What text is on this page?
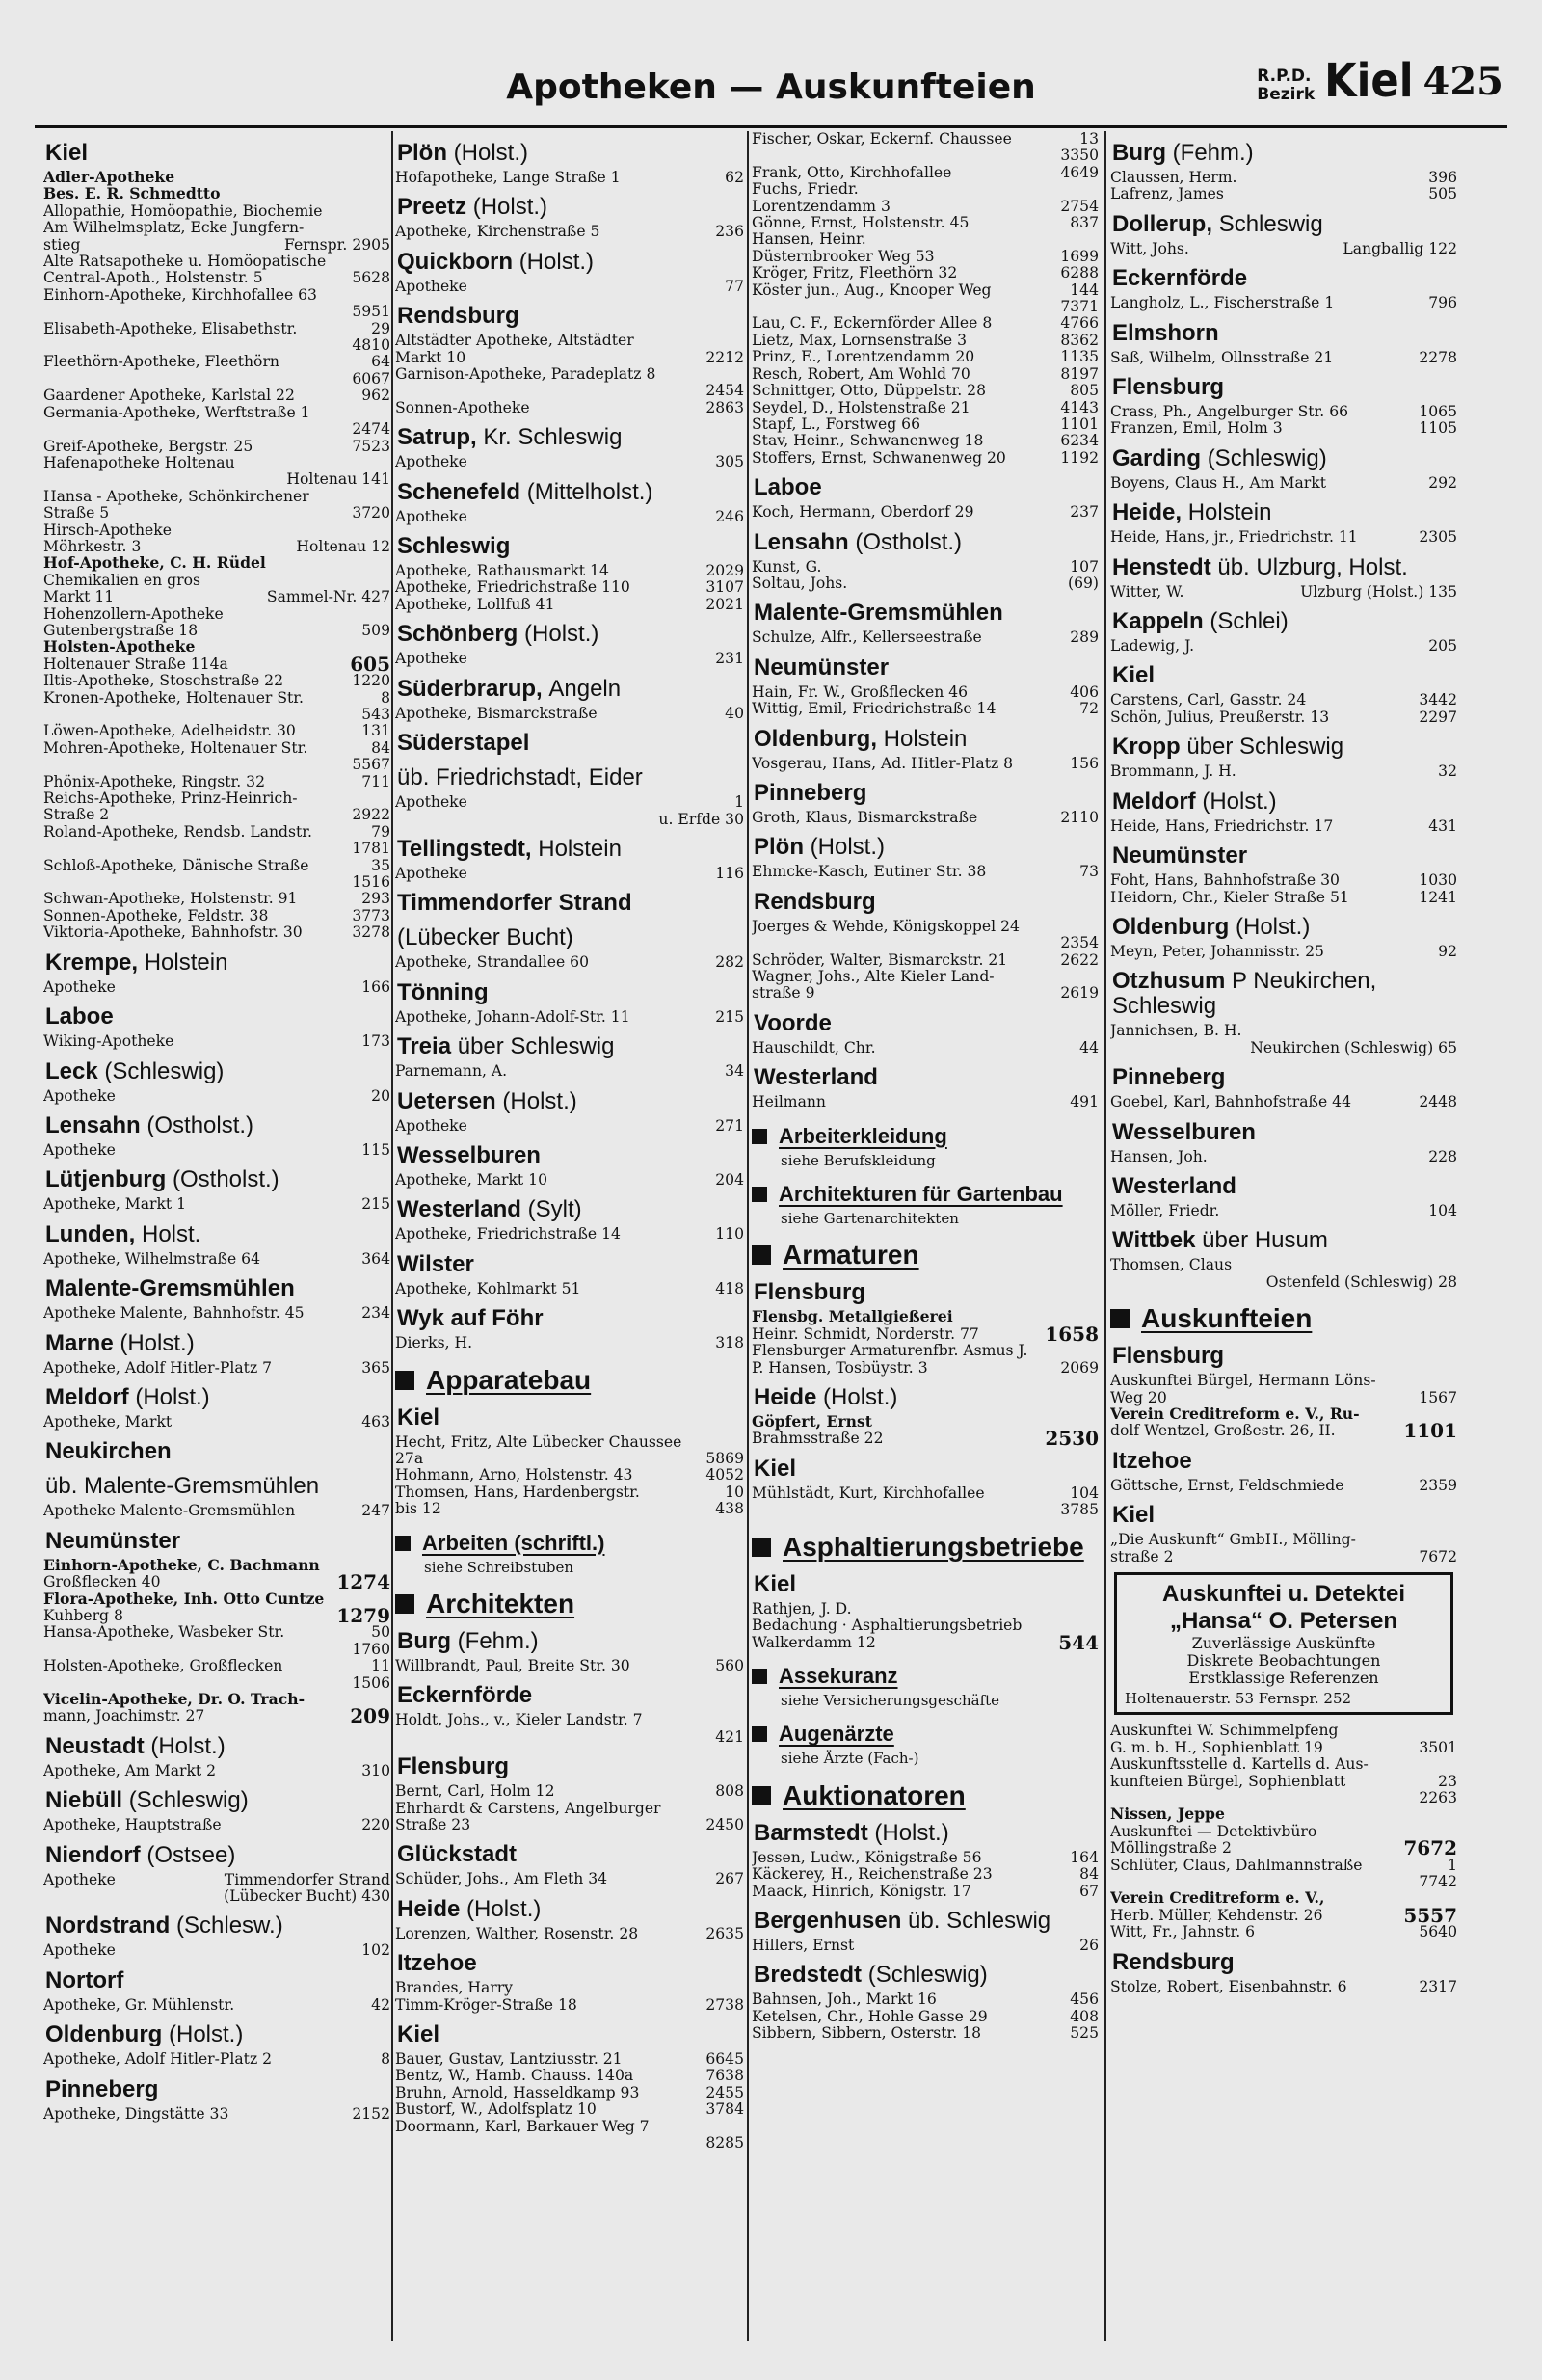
Apotheken — Auskunfteien	R.P.D.
Bezirk Kiel 425
Kiel
Adler-Apotheke
Bes. E. R. Schmedtto
Allopathie, Homöopathie, Biochemie
Am Wilhelmsplatz, Ecke Jungfern-
Fernspr. 2905
stieg
Alte Ratsapotheke u. Homöopatische
5628
Central-Apoth., Holstenstr. 5
Einhorn-Apotheke, Kirchhofallee 63
5951
29
Elisabeth-Apotheke, Elisabethstr.
4810
64
Fleethörn-Apotheke, Fleethörn
6067
962
Gaardener Apotheke, Karlstal 22
Germania-Apotheke, Werftstraße 1
2474
7523
Greif-Apotheke, Bergstr. 25
Hafenapotheke Holtenau
Holtenau 141
Hansa - Apotheke, Schönkirchener
3720
Straße 5
Hirsch-Apotheke
Holtenau 12
Möhrkestr. 3
Hof-Apotheke, C. H. Rüdel
Chemikalien en gros
Sammel-Nr. 427
Markt 11
Hohenzollern-Apotheke
509
Gutenbergstraße 18
Holsten-Apotheke
605
Holtenauer Straße 114a
1220
Iltis-Apotheke, Stoschstraße 22
8
Kronen-Apotheke, Holtenauer Str.
543
131
Löwen-Apotheke, Adelheidstr. 30
84
Mohren-Apotheke, Holtenauer Str.
5567
711
Phönix-Apotheke, Ringstr. 32
Reichs-Apotheke, Prinz-Heinrich-
2922
Straße 2
79
Roland-Apotheke, Rendsb. Landstr.
1781
35
Schloß-Apotheke, Dänische Straße
1516
293
Schwan-Apotheke, Holstenstr. 91
3773
Sonnen-Apotheke, Feldstr. 38
3278
Viktoria-Apotheke, Bahnhofstr. 30
Krempe, Holstein
166
Apotheke
Laboe
173
Wiking-Apotheke
Leck (Schleswig)
20
Apotheke
Lensahn (Ostholst.)
115
Apotheke
Lütjenburg (Ostholst.)
215
Apotheke, Markt 1
Lunden, Holst.
364
Apotheke, Wilhelmstraße 64
Malente-Gremsmühlen
234
Apotheke Malente, Bahnhofstr. 45
Marne (Holst.)
365
Apotheke, Adolf Hitler-Platz 7
Meldorf (Holst.)
463
Apotheke, Markt
Neukirchen
üb. Malente-Gremsmühlen
247
Apotheke Malente-Gremsmühlen
Neumünster
Einhorn-Apotheke, C. Bachmann
1274
Großflecken 40
Flora-Apotheke, Inh. Otto Cuntze
1279
Kuhberg 8
50
Hansa-Apotheke, Wasbeker Str.
1760
11
Holsten-Apotheke, Großflecken
1506
Vicelin-Apotheke, Dr. O. Trach-
209
mann, Joachimstr. 27
Neustadt (Holst.)
310
Apotheke, Am Markt 2
Niebüll (Schleswig)
220
Apotheke, Hauptstraße
Niendorf (Ostsee)
Timmendorfer Strand
Apotheke
(Lübecker Bucht) 430
Nordstrand (Schlesw.)
102
Apotheke
Nortorf
42
Apotheke, Gr. Mühlenstr.
Oldenburg (Holst.)
8
Apotheke, Adolf Hitler-Platz 2
Pinneberg
2152
Apotheke, Dingstätte 33
Plön (Holst.)
62
Hofapotheke, Lange Straße 1
Preetz (Holst.)
236
Apotheke, Kirchenstraße 5
Quickborn (Holst.)
77
Apotheke
Rendsburg
Altstädter Apotheke, Altstädter
2212
Markt 10
Garnison-Apotheke, Paradeplatz 8
2454
2863
Sonnen-Apotheke
Satrup, Kr. Schleswig
305
Apotheke
Schenefeld (Mittelholst.)
246
Apotheke
Schleswig
2029
Apotheke, Rathausmarkt 14
3107
Apotheke, Friedrichstraße 110
2021
Apotheke, Lollfuß 41
Schönberg (Holst.)
231
Apotheke
Süderbrarup, Angeln
40
Apotheke, Bismarckstraße
Süderstapel
üb. Friedrichstadt, Eider
1
Apotheke
u. Erfde 30
Tellingstedt, Holstein
116
Apotheke
Timmendorfer Strand
(Lübecker Bucht)
282
Apotheke, Strandallee 60
Tönning
215
Apotheke, Johann-Adolf-Str. 11
Treia über Schleswig
34
Parnemann, A.
Uetersen (Holst.)
271
Apotheke
Wesselburen
204
Apotheke, Markt 10
Westerland (Sylt)
110
Apotheke, Friedrichstraße 14
Wilster
418
Apotheke, Kohlmarkt 51
Wyk auf Föhr
318
Dierks, H.
Apparatebau
Kiel
Hecht, Fritz, Alte Lübecker Chaussee
5869
27a
4052
Hohmann, Arno, Holstenstr. 43
10
Thomsen, Hans, Hardenbergstr.
438
bis 12
Arbeiten (schriftl.)
siehe Schreibstuben
Architekten
Burg (Fehm.)
560
Willbrandt, Paul, Breite Str. 30
Eckernförde
Holdt, Johs., v., Kieler Landstr. 7
421
Flensburg
808
Bernt, Carl, Holm 12
Ehrhardt & Carstens, Angelburger
2450
Straße 23
Glückstadt
267
Schüder, Johs., Am Fleth 34
Heide (Holst.)
2635
Lorenzen, Walther, Rosenstr. 28
Itzehoe
Brandes, Harry
2738
Timm-Kröger-Straße 18
Kiel
6645
Bauer, Gustav, Lantziusstr. 21
7638
Bentz, W., Hamb. Chauss. 140a
2455
Bruhn, Arnold, Hasseldkamp 93
3784
Bustorf, W., Adolfsplatz 10
Doormann, Karl, Barkauer Weg 7
8285
13
Fischer, Oskar, Eckernf. Chaussee
3350
4649
Frank, Otto, Kirchhofallee
Fuchs, Friedr.
2754
Lorentzendamm 3
837
Gönne, Ernst, Holstenstr. 45
Hansen, Heinr.
1699
Düsternbrooker Weg 53
6288
Kröger, Fritz, Fleethörn 32
144
Köster jun., Aug., Knooper Weg
7371
4766
Lau, C. F., Eckernförder Allee 8
8362
Lietz, Max, Lornsenstraße 3
1135
Prinz, E., Lorentzendamm 20
8197
Resch, Robert, Am Wohld 70
805
Schnittger, Otto, Düppelstr. 28
4143
Seydel, D., Holstenstraße 21
1101
Stapf, L., Forstweg 66
6234
Stav, Heinr., Schwanenweg 18
1192
Stoffers, Ernst, Schwanenweg 20
Laboe
237
Koch, Hermann, Oberdorf 29
Lensahn (Ostholst.)
107
Kunst, G.
(69)
Soltau, Johs.
Malente-Gremsmühlen
289
Schulze, Alfr., Kellerseestraße
Neumünster
406
Hain, Fr. W., Großflecken 46
72
Wittig, Emil, Friedrichstraße 14
Oldenburg, Holstein
156
Vosgerau, Hans, Ad. Hitler-Platz 8
Pinneberg
2110
Groth, Klaus, Bismarckstraße
Plön (Holst.)
73
Ehmcke-Kasch, Eutiner Str. 38
Rendsburg
Joerges & Wehde, Königskoppel 24
2354
2622
Schröder, Walter, Bismarckstr. 21
Wagner, Johs., Alte Kieler Land-
2619
straße 9
Voorde
44
Hauschildt, Chr.
Westerland
491
Heilmann
Arbeiterkleidung
siehe Berufskleidung
Architekturen für Gartenbau
siehe Gartenarchitekten
Armaturen
Flensburg
Flensbg. Metallgießerei
1658
Heinr. Schmidt, Norderstr. 77
Flensburger Armaturenfbr. Asmus J.
2069
P. Hansen, Tosbüystr. 3
Heide (Holst.)
Göpfert, Ernst
2530
Brahmsstraße 22
Kiel
104
Mühlstädt, Kurt, Kirchhofallee
3785
Asphaltierungsbetriebe
Kiel
Rathjen, J. D.
Bedachung · Asphaltierungsbetrieb
544
Walkerdamm 12
Assekuranz
siehe Versicherungsgeschäfte
Augenärzte
siehe Ärzte (Fach-)
Auktionatoren
Barmstedt (Holst.)
164
Jessen, Ludw., Königstraße 56
84
Käckerey, H., Reichenstraße 23
67
Maack, Hinrich, Königstr. 17
Bergenhusen üb. Schleswig
26
Hillers, Ernst
Bredstedt (Schleswig)
456
Bahnsen, Joh., Markt 16
408
Ketelsen, Chr., Hohle Gasse 29
525
Sibbern, Sibbern, Osterstr. 18
Burg (Fehm.)
396
Claussen, Herm.
505
Lafrenz, James
Dollerup, Schleswig
Langballig 122
Witt, Johs.
Eckernförde
796
Langholz, L., Fischerstraße 1
Elmshorn
2278
Saß, Wilhelm, Ollnsstraße 21
Flensburg
1065
Crass, Ph., Angelburger Str. 66
1105
Franzen, Emil, Holm 3
Garding (Schleswig)
292
Boyens, Claus H., Am Markt
Heide, Holstein
2305
Heide, Hans, jr., Friedrichstr. 11
Henstedt üb. Ulzburg, Holst.
Ulzburg (Holst.) 135
Witter, W.
Kappeln (Schlei)
205
Ladewig, J.
Kiel
3442
Carstens, Carl, Gasstr. 24
2297
Schön, Julius, Preußerstr. 13
Kropp über Schleswig
32
Brommann, J. H.
Meldorf (Holst.)
431
Heide, Hans, Friedrichstr. 17
Neumünster
1030
Foht, Hans, Bahnhofstraße 30
1241
Heidorn, Chr., Kieler Straße 51
Oldenburg (Holst.)
92
Meyn, Peter, Johannisstr. 25
Otzhusum P Neukirchen, Schleswig
Jannichsen, B. H.
Neukirchen (Schleswig) 65
Pinneberg
2448
Goebel, Karl, Bahnhofstraße 44
Wesselburen
228
Hansen, Joh.
Westerland
104
Möller, Friedr.
Wittbek über Husum
Thomsen, Claus
Ostenfeld (Schleswig) 28
Auskunfteien
Flensburg
Auskunftei Bürgel, Hermann Löns-
1567
Weg 20
Verein Creditreform e. V., Ru-
1101
dolf Wentzel, Großestr. 26, II.
Itzehoe
2359
Göttsche, Ernst, Feldschmiede
Kiel
„Die Auskunft“ GmbH., Mölling-
7672
straße 2
Auskunftei u. Detektei
„Hansa“ O. Petersen
Zuverlässige Auskünfte
Diskrete Beobachtungen
Erstklassige Referenzen
Holtenauerstr. 53 Fernspr. 252
Auskunftei W. Schimmelpfeng
3501
G. m. b. H., Sophienblatt 19
Auskunftsstelle d. Kartells d. Aus-
23
kunfteien Bürgel, Sophienblatt
2263
Nissen, Jeppe
Auskunftei — Detektivbüro
7672
Möllingstraße 2
1
Schlüter, Claus, Dahlmannstraße
7742
Verein Creditreform e. V.,
5557
Herb. Müller, Kehdenstr. 26
5640
Witt, Fr., Jahnstr. 6
Rendsburg
2317
Stolze, Robert, Eisenbahnstr. 6
